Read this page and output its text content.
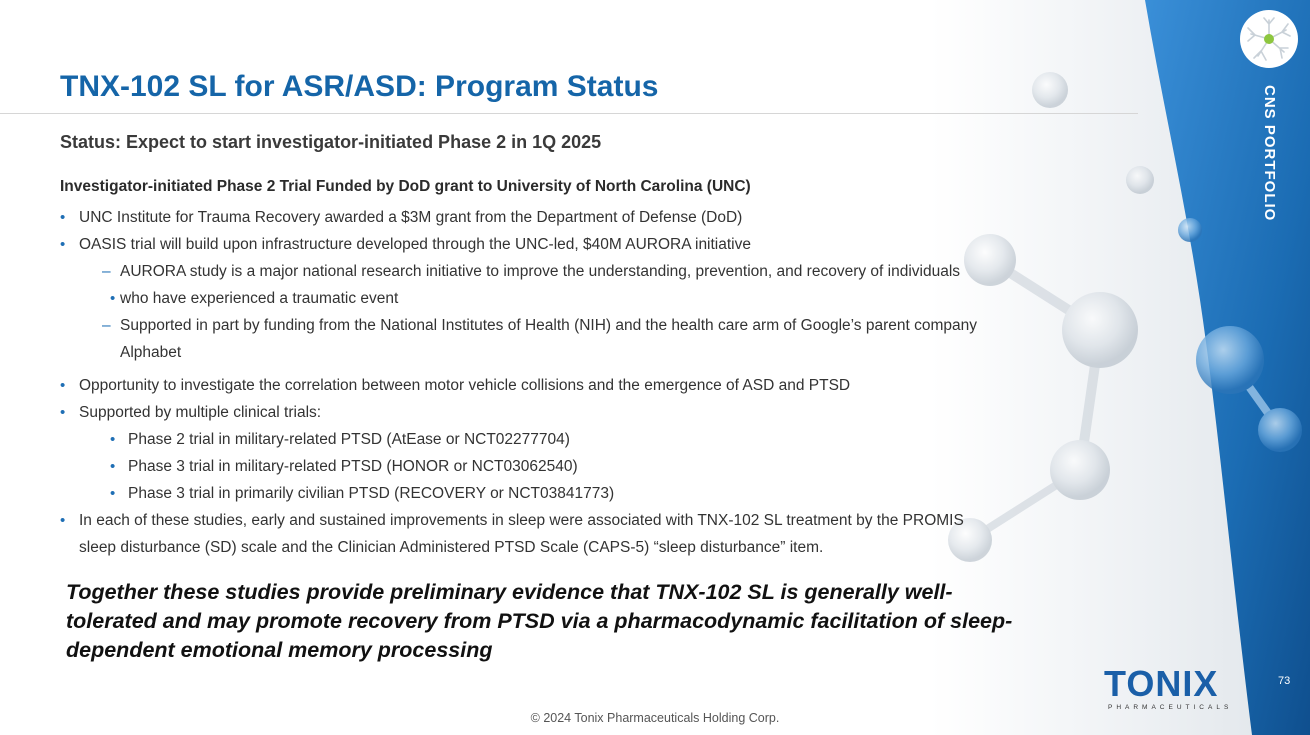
CNS PORTFOLIO
TNX-102 SL for ASR/ASD: Program Status
Status: Expect to start investigator-initiated Phase 2 in 1Q 2025
Investigator-initiated Phase 2 Trial Funded by DoD grant to University of North Carolina (UNC)
• UNC Institute for Trauma Recovery awarded a $3M grant from the Department of Defense (DoD)
• OASIS trial will build upon infrastructure developed through the UNC-led, $40M AURORA initiative
– AURORA study is a major national research initiative to improve the understanding, prevention, and recovery of individuals
• who have experienced a traumatic event
– Supported in part by funding from the National Institutes of Health (NIH) and the health care arm of Google’s parent company
Alphabet
• Opportunity to investigate the correlation between motor vehicle collisions and the emergence of ASD and PTSD
• Supported by multiple clinical trials:
• Phase 2 trial in military-related PTSD (AtEase or NCT02277704)
• Phase 3 trial in military-related PTSD (HONOR or NCT03062540)
• Phase 3 trial in primarily civilian PTSD (RECOVERY or NCT03841773)
• In each of these studies, early and sustained improvements in sleep were associated with TNX-102 SL treatment by the PROMIS
sleep disturbance (SD) scale and the Clinician Administered PTSD Scale (CAPS-5) “sleep disturbance” item.
Together these studies provide preliminary evidence that TNX-102 SL is generally well-
tolerated and may promote recovery from PTSD via a pharmacodynamic facilitation of sleep-
dependent emotional memory processing
TONIX
PHARMACEUTICALS
73
© 2024 Tonix Pharmaceuticals Holding Corp.
